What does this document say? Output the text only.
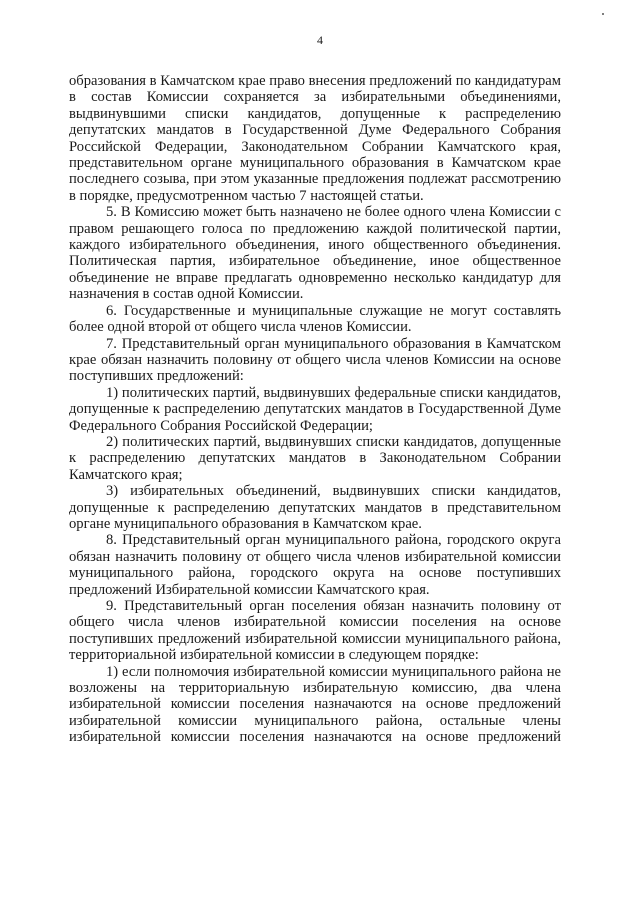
4

образования в Камчатском крае право внесения предложений по кандидатурам в состав Комиссии сохраняется за избирательными объединениями, выдвинувшими списки кандидатов, допущенные к распределению депутатских мандатов в Государственной Думе Федерального Собрания Российской Федерации, Законодательном Собрании Камчатского края, представительном органе муниципального образования в Камчатском крае последнего созыва, при этом указанные предложения подлежат рассмотрению в порядке, предусмотренном частью 7 настоящей статьи.

5. В Комиссию может быть назначено не более одного члена Комиссии с правом решающего голоса по предложению каждой политической партии, каждого избирательного объединения, иного общественного объединения. Политическая партия, избирательное объединение, иное общественное объединение не вправе предлагать одновременно несколько кандидатур для назначения в состав одной Комиссии.

6. Государственные и муниципальные служащие не могут составлять более одной второй от общего числа членов Комиссии.

7. Представительный орган муниципального образования в Камчатском крае обязан назначить половину от общего числа членов Комиссии на основе поступивших предложений:

1) политических партий, выдвинувших федеральные списки кандидатов, допущенные к распределению депутатских мандатов в Государственной Думе Федерального Собрания Российской Федерации;

2) политических партий, выдвинувших списки кандидатов, допущенные к распределению депутатских мандатов в Законодательном Собрании Камчатского края;

3) избирательных объединений, выдвинувших списки кандидатов, допущенные к распределению депутатских мандатов в представительном органе муниципального образования в Камчатском крае.

8. Представительный орган муниципального района, городского округа обязан назначить половину от общего числа членов избирательной комиссии муниципального района, городского округа на основе поступивших предложений Избирательной комиссии Камчатского края.

9. Представительный орган поселения обязан назначить половину от общего числа членов избирательной комиссии поселения на основе поступивших предложений избирательной комиссии муниципального района, территориальной избирательной комиссии в следующем порядке:

1) если полномочия избирательной комиссии муниципального района не возложены на территориальную избирательную комиссию, два члена избирательной комиссии поселения назначаются на основе предложений избирательной комиссии муниципального района, остальные члены избирательной комиссии поселения назначаются на основе предложений
